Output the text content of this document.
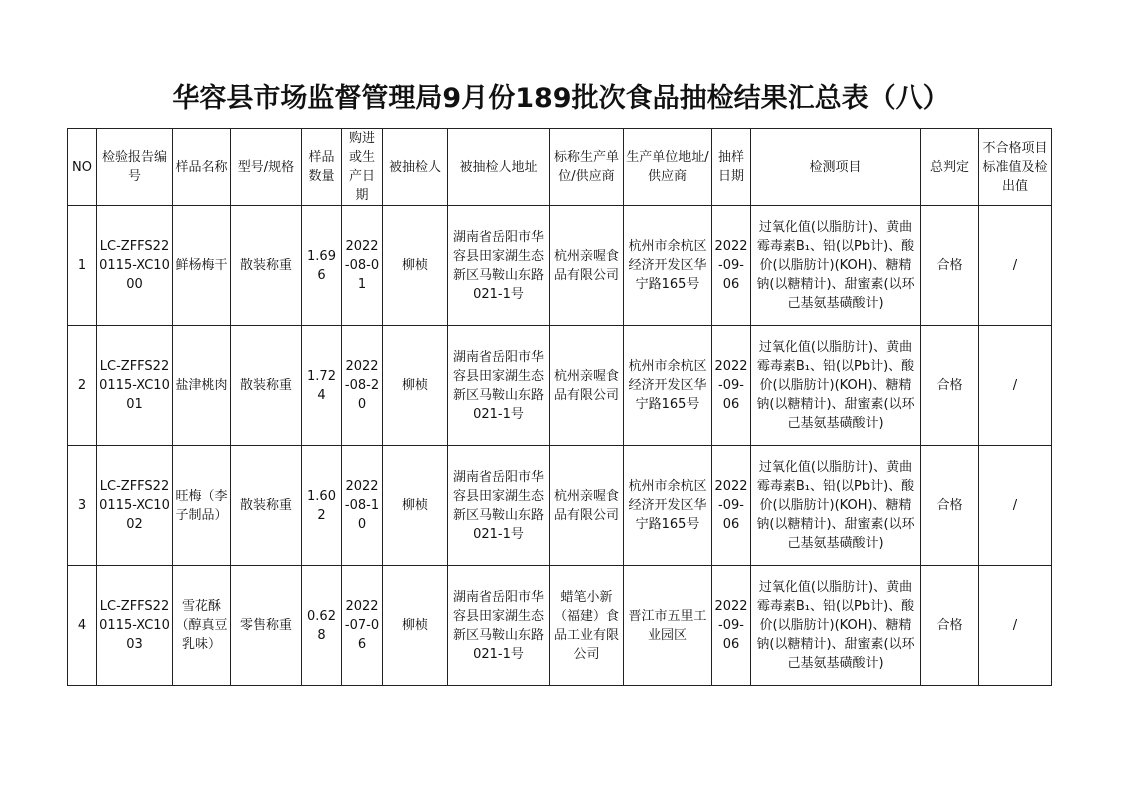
华容县市场监督管理局9月份189批次食品抽检结果汇总表（八）
NO	检验报告编号	样品名称	型号/规格	样品数量	购进或生产日期	被抽检人	被抽检人地址	标称生产单位/供应商	生产单位地址/供应商	抽样日期	检测项目	总判定	不合格项目标准值及检出值
1	LC-ZFFS220115-XC1000	鲜杨梅干	散装称重	1.696	2022-08-01	柳桢	湖南省岳阳市华容县田家湖生态新区马鞍山东路021-1号	杭州亲喔食品有限公司	杭州市余杭区经济开发区华宁路165号	2022-09-06	过氧化值(以脂肪计)、黄曲霉毒素B₁、铅(以Pb计)、酸价(以脂肪计)(KOH)、糖精钠(以糖精计)、甜蜜素(以环己基氨基磺酸计)	合格	/
2	LC-ZFFS220115-XC1001	盐津桃肉	散装称重	1.724	2022-08-20	柳桢	湖南省岳阳市华容县田家湖生态新区马鞍山东路021-1号	杭州亲喔食品有限公司	杭州市余杭区经济开发区华宁路165号	2022-09-06	过氧化值(以脂肪计)、黄曲霉毒素B₁、铅(以Pb计)、酸价(以脂肪计)(KOH)、糖精钠(以糖精计)、甜蜜素(以环己基氨基磺酸计)	合格	/
3	LC-ZFFS220115-XC1002	旺梅（李子制品）	散装称重	1.602	2022-08-10	柳桢	湖南省岳阳市华容县田家湖生态新区马鞍山东路021-1号	杭州亲喔食品有限公司	杭州市余杭区经济开发区华宁路165号	2022-09-06	过氧化值(以脂肪计)、黄曲霉毒素B₁、铅(以Pb计)、酸价(以脂肪计)(KOH)、糖精钠(以糖精计)、甜蜜素(以环己基氨基磺酸计)	合格	/
4	LC-ZFFS220115-XC1003	雪花酥（醇真豆乳味）	零售称重	0.628	2022-07-06	柳桢	湖南省岳阳市华容县田家湖生态新区马鞍山东路021-1号	蜡笔小新（福建）食品工业有限公司	晋江市五里工业园区	2022-09-06	过氧化值(以脂肪计)、黄曲霉毒素B₁、铅(以Pb计)、酸价(以脂肪计)(KOH)、糖精钠(以糖精计)、甜蜜素(以环己基氨基磺酸计)	合格	/
